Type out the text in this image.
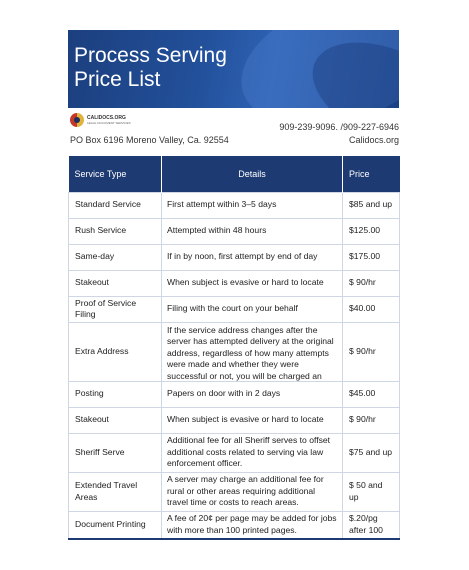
Process Serving
Price List
CALIDOCS.ORG
LEGAL DOCUMENT SERVICES	909-239-9096. /909-227-6946
PO Box 6196 Moreno Valley, Ca. 92554	Calidocs.org
Service Type	Details	Price
Standard Service	First attempt within 3–5 days	$85 and up
Rush Service	Attempted within 48 hours	$125.00
Same-day	If in by noon, first attempt by end of day	$175.00
Stakeout	When subject is evasive or hard to locate	$ 90/hr
Proof of Service Filing	Filing with the court on your behalf	$40.00
Extra Address	If the service address changes after the server has attempted delivery at the original address, regardless of how many attempts were made and whether they were successful or not, you will be charged an	$ 90/hr
Posting	Papers on door with in 2 days	$45.00
Stakeout	When subject is evasive or hard to locate	$ 90/hr
Sheriff Serve	Additional fee for all Sheriff serves to offset additional costs related to serving via law enforcement officer.	$75 and up
Extended Travel Areas	A server may charge an additional fee for rural or other areas requiring additional travel time or costs to reach areas.	$ 50 and up
Document Printing	A fee of 20¢ per page may be added for jobs with more than 100 printed pages.	$.20/pg after 100
